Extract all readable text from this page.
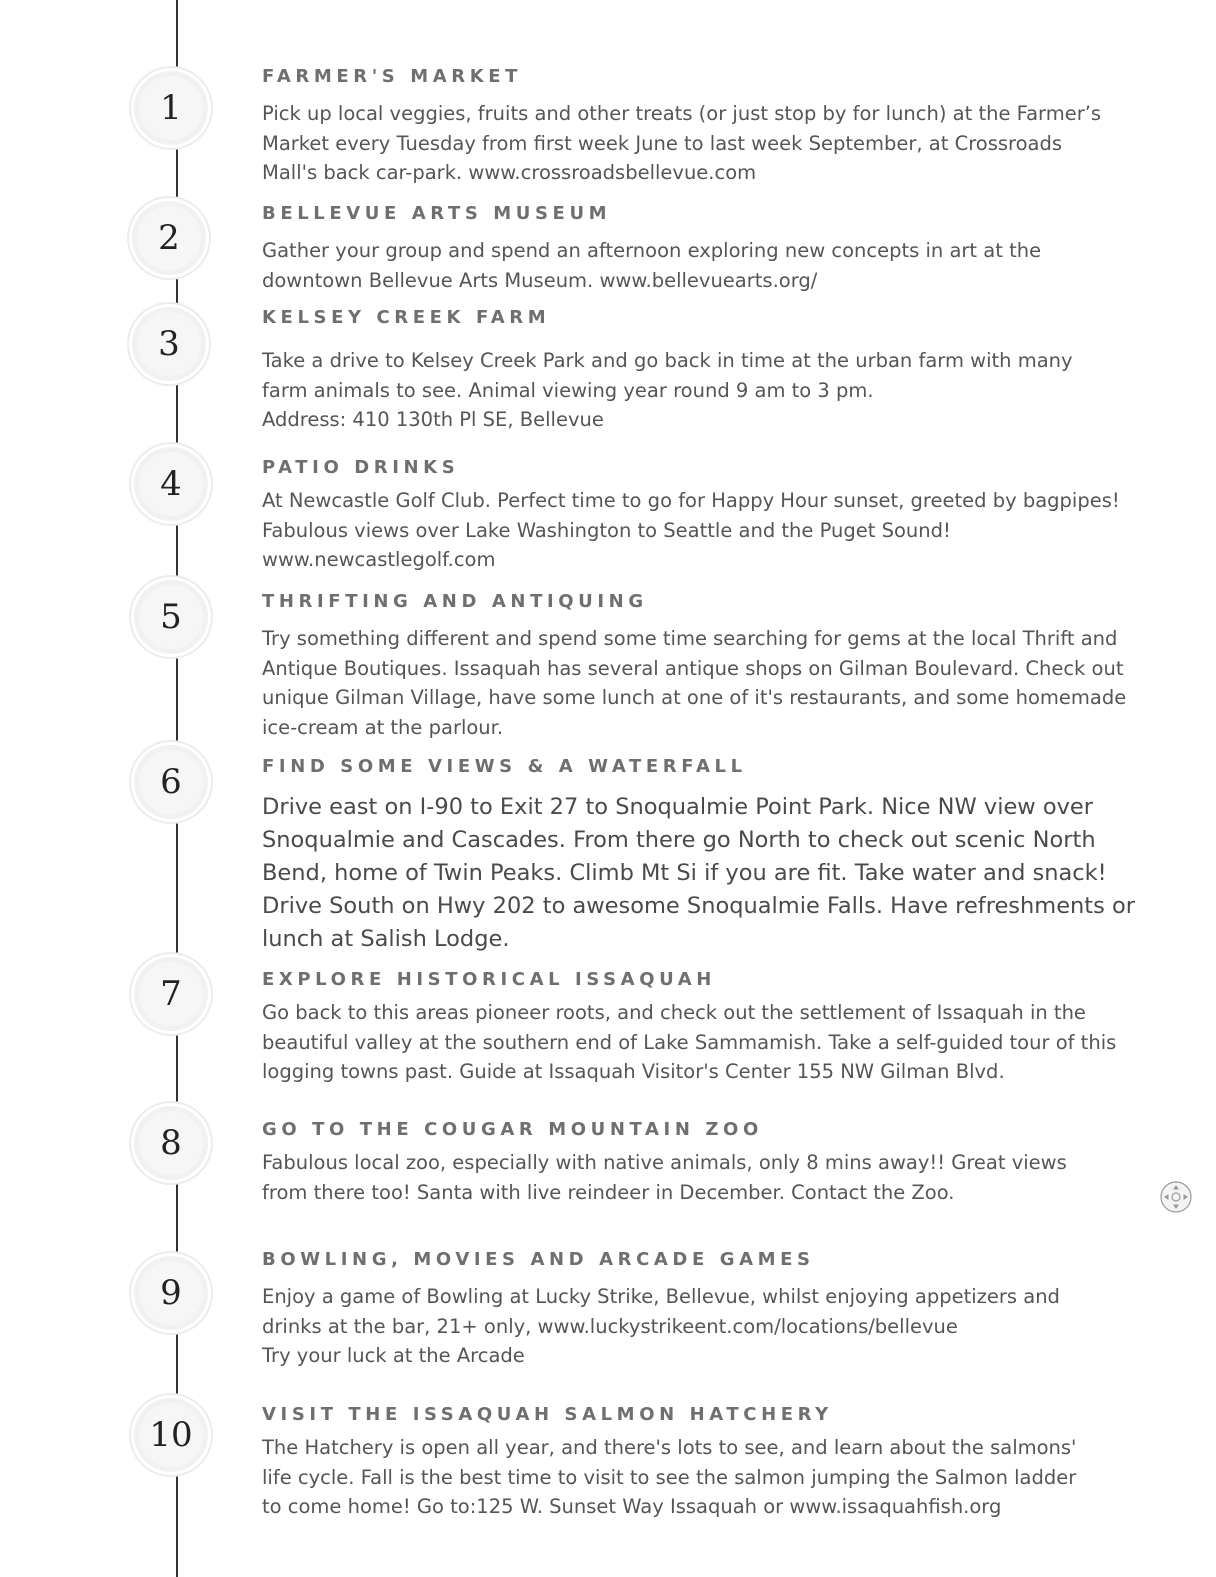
1
2
3
4
5
6
7
8
9
10
FARMER'S MARKET

Pick up local veggies, fruits and other treats (or just stop by for lunch) at the Farmer’s
Market every Tuesday from first week June to last week September, at Crossroads
Mall's back car-park. www.crossroadsbellevue.com

BELLEVUE ARTS MUSEUM

Gather your group and spend an afternoon exploring new concepts in art at the
downtown Bellevue Arts Museum. www.bellevuearts.org/

KELSEY CREEK FARM

Take a drive to Kelsey Creek Park and go back in time at the urban farm with many
farm animals to see. Animal viewing year round 9 am to 3 pm.
Address: 410 130th Pl SE, Bellevue

PATIO DRINKS

At Newcastle Golf Club. Perfect time to go for Happy Hour sunset, greeted by bagpipes!
Fabulous views over Lake Washington to Seattle and the Puget Sound!
www.newcastlegolf.com

THRIFTING AND ANTIQUING

Try something different and spend some time searching for gems at the local Thrift and
Antique Boutiques. Issaquah has several antique shops on Gilman Boulevard. Check out
unique Gilman Village, have some lunch at one of it's restaurants, and some homemade
ice-cream at the parlour.

FIND SOME VIEWS & A WATERFALL

Drive east on I-90 to Exit 27 to Snoqualmie Point Park. Nice NW view over
Snoqualmie and Cascades. From there go North to check out scenic North
Bend, home of Twin Peaks. Climb Mt Si if you are fit. Take water and snack!
Drive South on Hwy 202 to awesome Snoqualmie Falls. Have refreshments or
lunch at Salish Lodge.

EXPLORE HISTORICAL ISSAQUAH

Go back to this areas pioneer roots, and check out the settlement of Issaquah in the
beautiful valley at the southern end of Lake Sammamish. Take a self-guided tour of this
logging towns past. Guide at Issaquah Visitor's Center 155 NW Gilman Blvd.

GO TO THE COUGAR MOUNTAIN ZOO

Fabulous local zoo, especially with native animals, only 8 mins away!! Great views
from there too! Santa with live reindeer in December. Contact the Zoo.

BOWLING, MOVIES AND ARCADE GAMES

Enjoy a game of Bowling at Lucky Strike, Bellevue, whilst enjoying appetizers and
drinks at the bar, 21+ only, www.luckystrikeent.com/locations/bellevue
Try your luck at the Arcade

VISIT THE ISSAQUAH SALMON HATCHERY

The Hatchery is open all year, and there's lots to see, and learn about the salmons'
life cycle. Fall is the best time to visit to see the salmon jumping the Salmon ladder
to come home! Go to:125 W. Sunset Way Issaquah or www.issaquahfish.org
